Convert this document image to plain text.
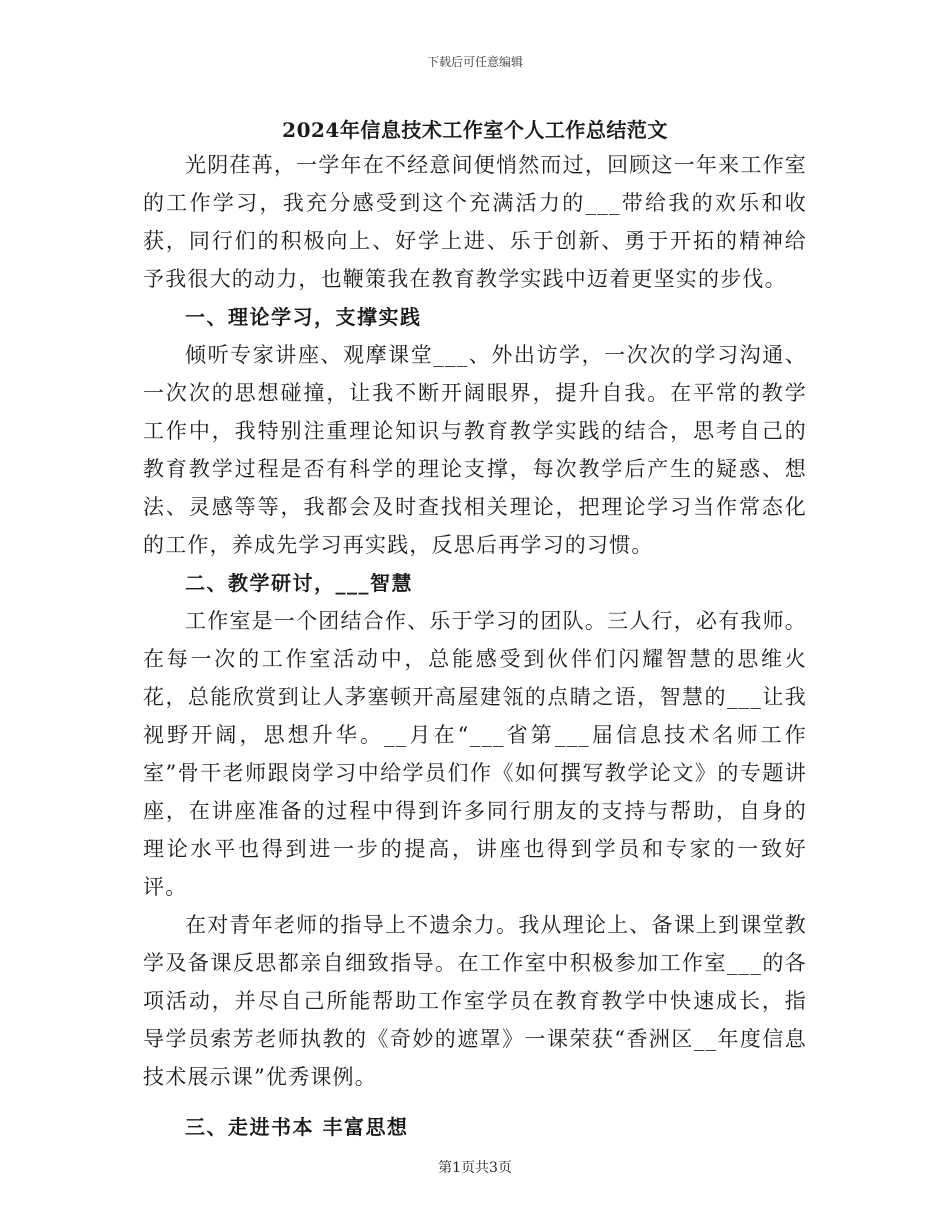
下载后可任意编辑
2024年信息技术工作室个人工作总结范文

光阴荏苒，一学年在不经意间便悄然而过，回顾这一年来工作室的工作学习，我充分感受到这个充满活力的___带给我的欢乐和收获，同行们的积极向上、好学上进、乐于创新、勇于开拓的精神给予我很大的动力，也鞭策我在教育教学实践中迈着更坚实的步伐。

一、理论学习，支撑实践

倾听专家讲座、观摩课堂___、外出访学，一次次的学习沟通、一次次的思想碰撞，让我不断开阔眼界，提升自我。在平常的教学工作中，我特别注重理论知识与教育教学实践的结合，思考自己的教育教学过程是否有科学的理论支撑，每次教学后产生的疑惑、想法、灵感等等，我都会及时查找相关理论，把理论学习当作常态化的工作，养成先学习再实践，反思后再学习的习惯。

二、教学研讨，___智慧

工作室是一个团结合作、乐于学习的团队。三人行，必有我师。在每一次的工作室活动中，总能感受到伙伴们闪耀智慧的思维火花，总能欣赏到让人茅塞顿开高屋建瓴的点睛之语，智慧的___让我视野开阔，思想升华。__月在“___省第___届信息技术名师工作室”骨干老师跟岗学习中给学员们作《如何撰写教学论文》的专题讲座，在讲座准备的过程中得到许多同行朋友的支持与帮助，自身的理论水平也得到进一步的提高，讲座也得到学员和专家的一致好评。

在对青年老师的指导上不遗余力。我从理论上、备课上到课堂教学及备课反思都亲自细致指导。在工作室中积极参加工作室___的各项活动，并尽自己所能帮助工作室学员在教育教学中快速成长，指导学员索芳老师执教的《奇妙的遮罩》一课荣获“香洲区__年度信息技术展示课”优秀课例。

三、走进书本 丰富思想

第1页共3页
